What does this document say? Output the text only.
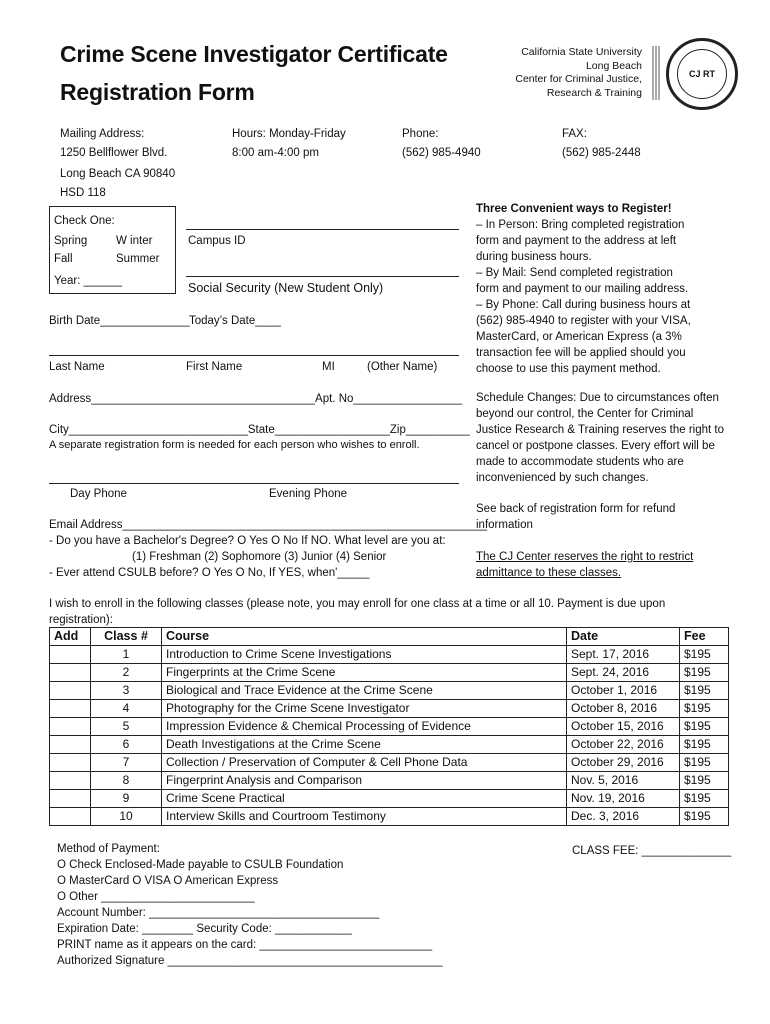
Crime Scene Investigator Certificate
Registration Form
California State University
Long Beach
Center for Criminal Justice,
Research & Training
CJ RT
Mailing Address:
1250 Bellflower Blvd.
Long Beach CA 90840
HSD 118
Hours: Monday-Friday
8:00 am-4:00 pm
Phone:
(562) 985-4940
FAX:
(562) 985-2448
Check One:
Spring	W inter
Fall	Summer
Year: ______
Campus ID
Social Security (New Student Only)
Birth Date______________ Today’s Date____
Last Name	First Name	MI	(Other Name)
Address___________________________________Apt. No_________________
City____________________________State__________________Zip__________
A separate registration form is needed for each person who wishes to enroll.
Day Phone	Evening Phone
Email Address_________________________________________________________
- Do you have a Bachelor's Degree? O Yes O No If NO. What level are you at:
(1) Freshman (2) Sophomore (3) Junior (4) Senior
- Ever attend CSULB before? O Yes O No, If YES, when'_____
Three Convenient ways to Register!
– In Person: Bring completed registration
form and payment to the address at left
during business hours.
– By Mail: Send completed registration
form and payment to our mailing address.
– By Phone: Call during business hours at
(562) 985-4940 to register with your VISA,
MasterCard, or American Express (a 3%
transaction fee will be applied should you
choose to use this payment method.
Schedule Changes: Due to circumstances often
beyond our control, the Center for Criminal
Justice Research & Training reserves the right to
cancel or postpone classes. Every effort will be
made to accommodate students who are
inconvenienced by such changes.
See back of registration form for refund
information
The CJ Center reserves the right to restrict
admittance to these classes.
I wish to enroll in the following classes (please note, you may enroll for one class at a time or all 10. Payment is due upon
registration):
Add	Class #	Course	Date	Fee
	1	Introduction to Crime Scene Investigations	Sept. 17, 2016	$195
	2	Fingerprints at the Crime Scene	Sept. 24, 2016	$195
	3	Biological and Trace Evidence at the Crime Scene	October 1, 2016	$195
	4	Photography for the Crime Scene Investigator	October 8, 2016	$195
	5	Impression Evidence & Chemical Processing of Evidence	October 15, 2016	$195
	6	Death Investigations at the Crime Scene	October 22, 2016	$195
	7	Collection / Preservation of Computer & Cell Phone Data	October 29, 2016	$195
	8	Fingerprint Analysis and Comparison	Nov. 5, 2016	$195
	9	Crime Scene Practical	Nov. 19, 2016	$195
	10	Interview Skills and Courtroom Testimony	Dec. 3, 2016	$195
Method of Payment:
O Check Enclosed-Made payable to CSULB Foundation
O MasterCard O VISA O American Express
O Other ________________________
Account Number: ____________________________________
Expiration Date: ________ Security Code: ____________
PRINT name as it appears on the card: ___________________________
Authorized Signature ___________________________________________
CLASS FEE: ______________
